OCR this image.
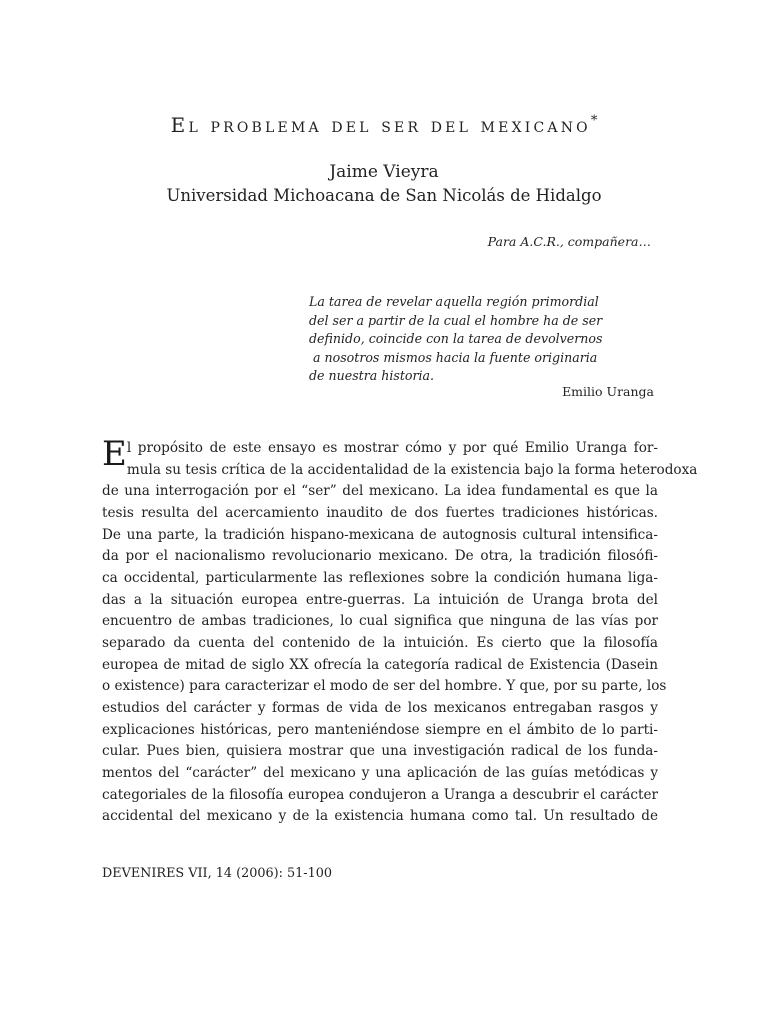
El problema del ser del mexicano*
Jaime Vieyra
Universidad Michoacana de San Nicolás de Hidalgo
Para A.C.R., compañera…
La tarea de revelar aquella región primordial
del ser a partir de la cual el hombre ha de ser
definido, coincide con la tarea de devolvernos
a nosotros mismos hacia la fuente originaria
de nuestra historia.
Emilio Uranga
E l propósito de este ensayo es mostrar cómo y por qué Emilio Uranga for-
mula su tesis crítica de la accidentalidad de la existencia bajo la forma heterodoxa
de una interrogación por el “ser” del mexicano. La idea fundamental es que la
tesis resulta del acercamiento inaudito de dos fuertes tradiciones históricas.
De una parte, la tradición hispano-mexicana de autognosis cultural intensifica-
da por el nacionalismo revolucionario mexicano. De otra, la tradición filosófi-
ca occidental, particularmente las reflexiones sobre la condición humana liga-
das a la situación europea entre-guerras. La intuición de Uranga brota del
encuentro de ambas tradiciones, lo cual significa que ninguna de las vías por
separado da cuenta del contenido de la intuición. Es cierto que la filosofía
europea de mitad de siglo XX ofrecía la categoría radical de Existencia (Dasein
o existence) para caracterizar el modo de ser del hombre. Y que, por su parte, los
estudios del carácter y formas de vida de los mexicanos entregaban rasgos y
explicaciones históricas, pero manteniéndose siempre en el ámbito de lo parti-
cular. Pues bien, quisiera mostrar que una investigación radical de los funda-
mentos del “carácter” del mexicano y una aplicación de las guías metódicas y
categoriales de la filosofía europea condujeron a Uranga a descubrir el carácter
accidental del mexicano y de la existencia humana como tal. Un resultado de
DEVENIRES VII, 14 (2006): 51-100
